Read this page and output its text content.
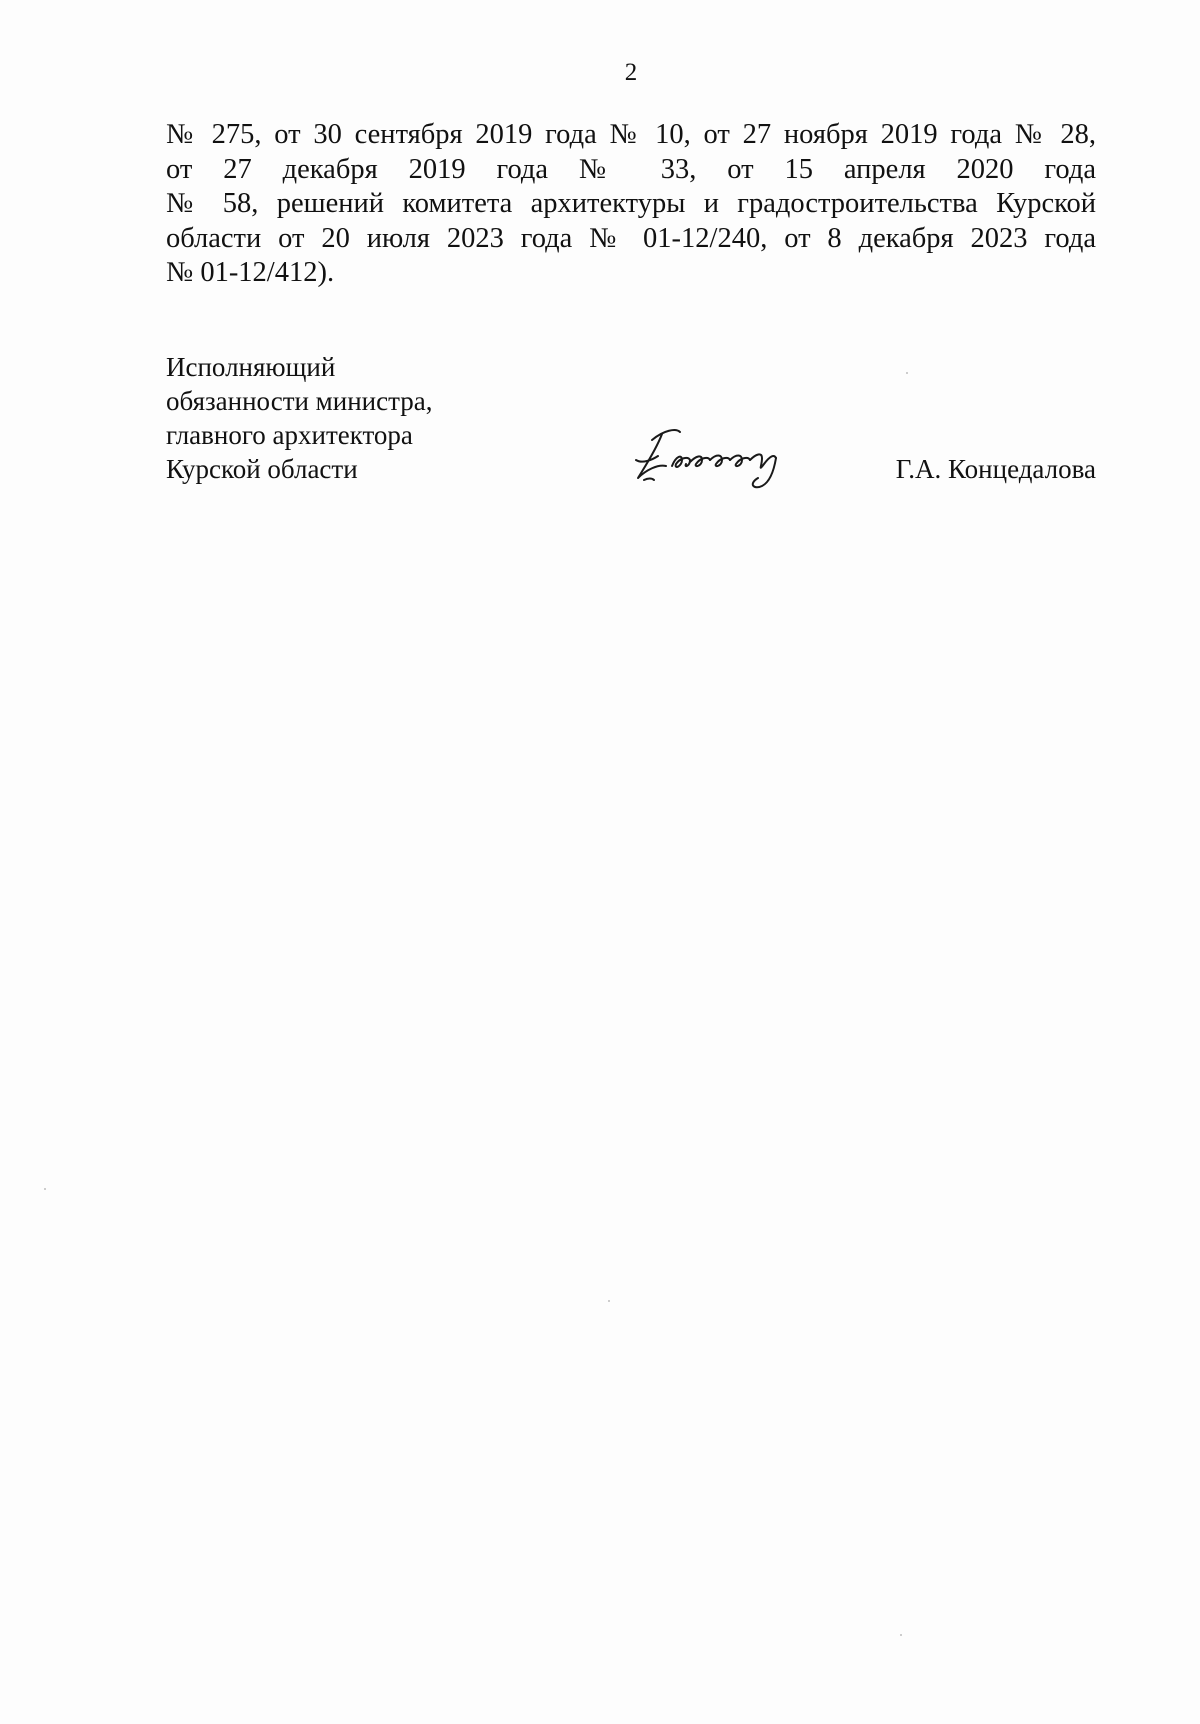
2
№ 275, от 30 сентября 2019 года № 10, от 27 ноября 2019 года № 28,
от 27 декабря 2019 года № 33, от 15 апреля 2020 года
№ 58, решений комитета архитектуры и градостроительства Курской
области от 20 июля 2023 года № 01-12/240, от 8 декабря 2023 года
№ 01-12/412).
Исполняющий
обязанности министра,
главного архитектора
Курской области	Г.А. Концедалова
